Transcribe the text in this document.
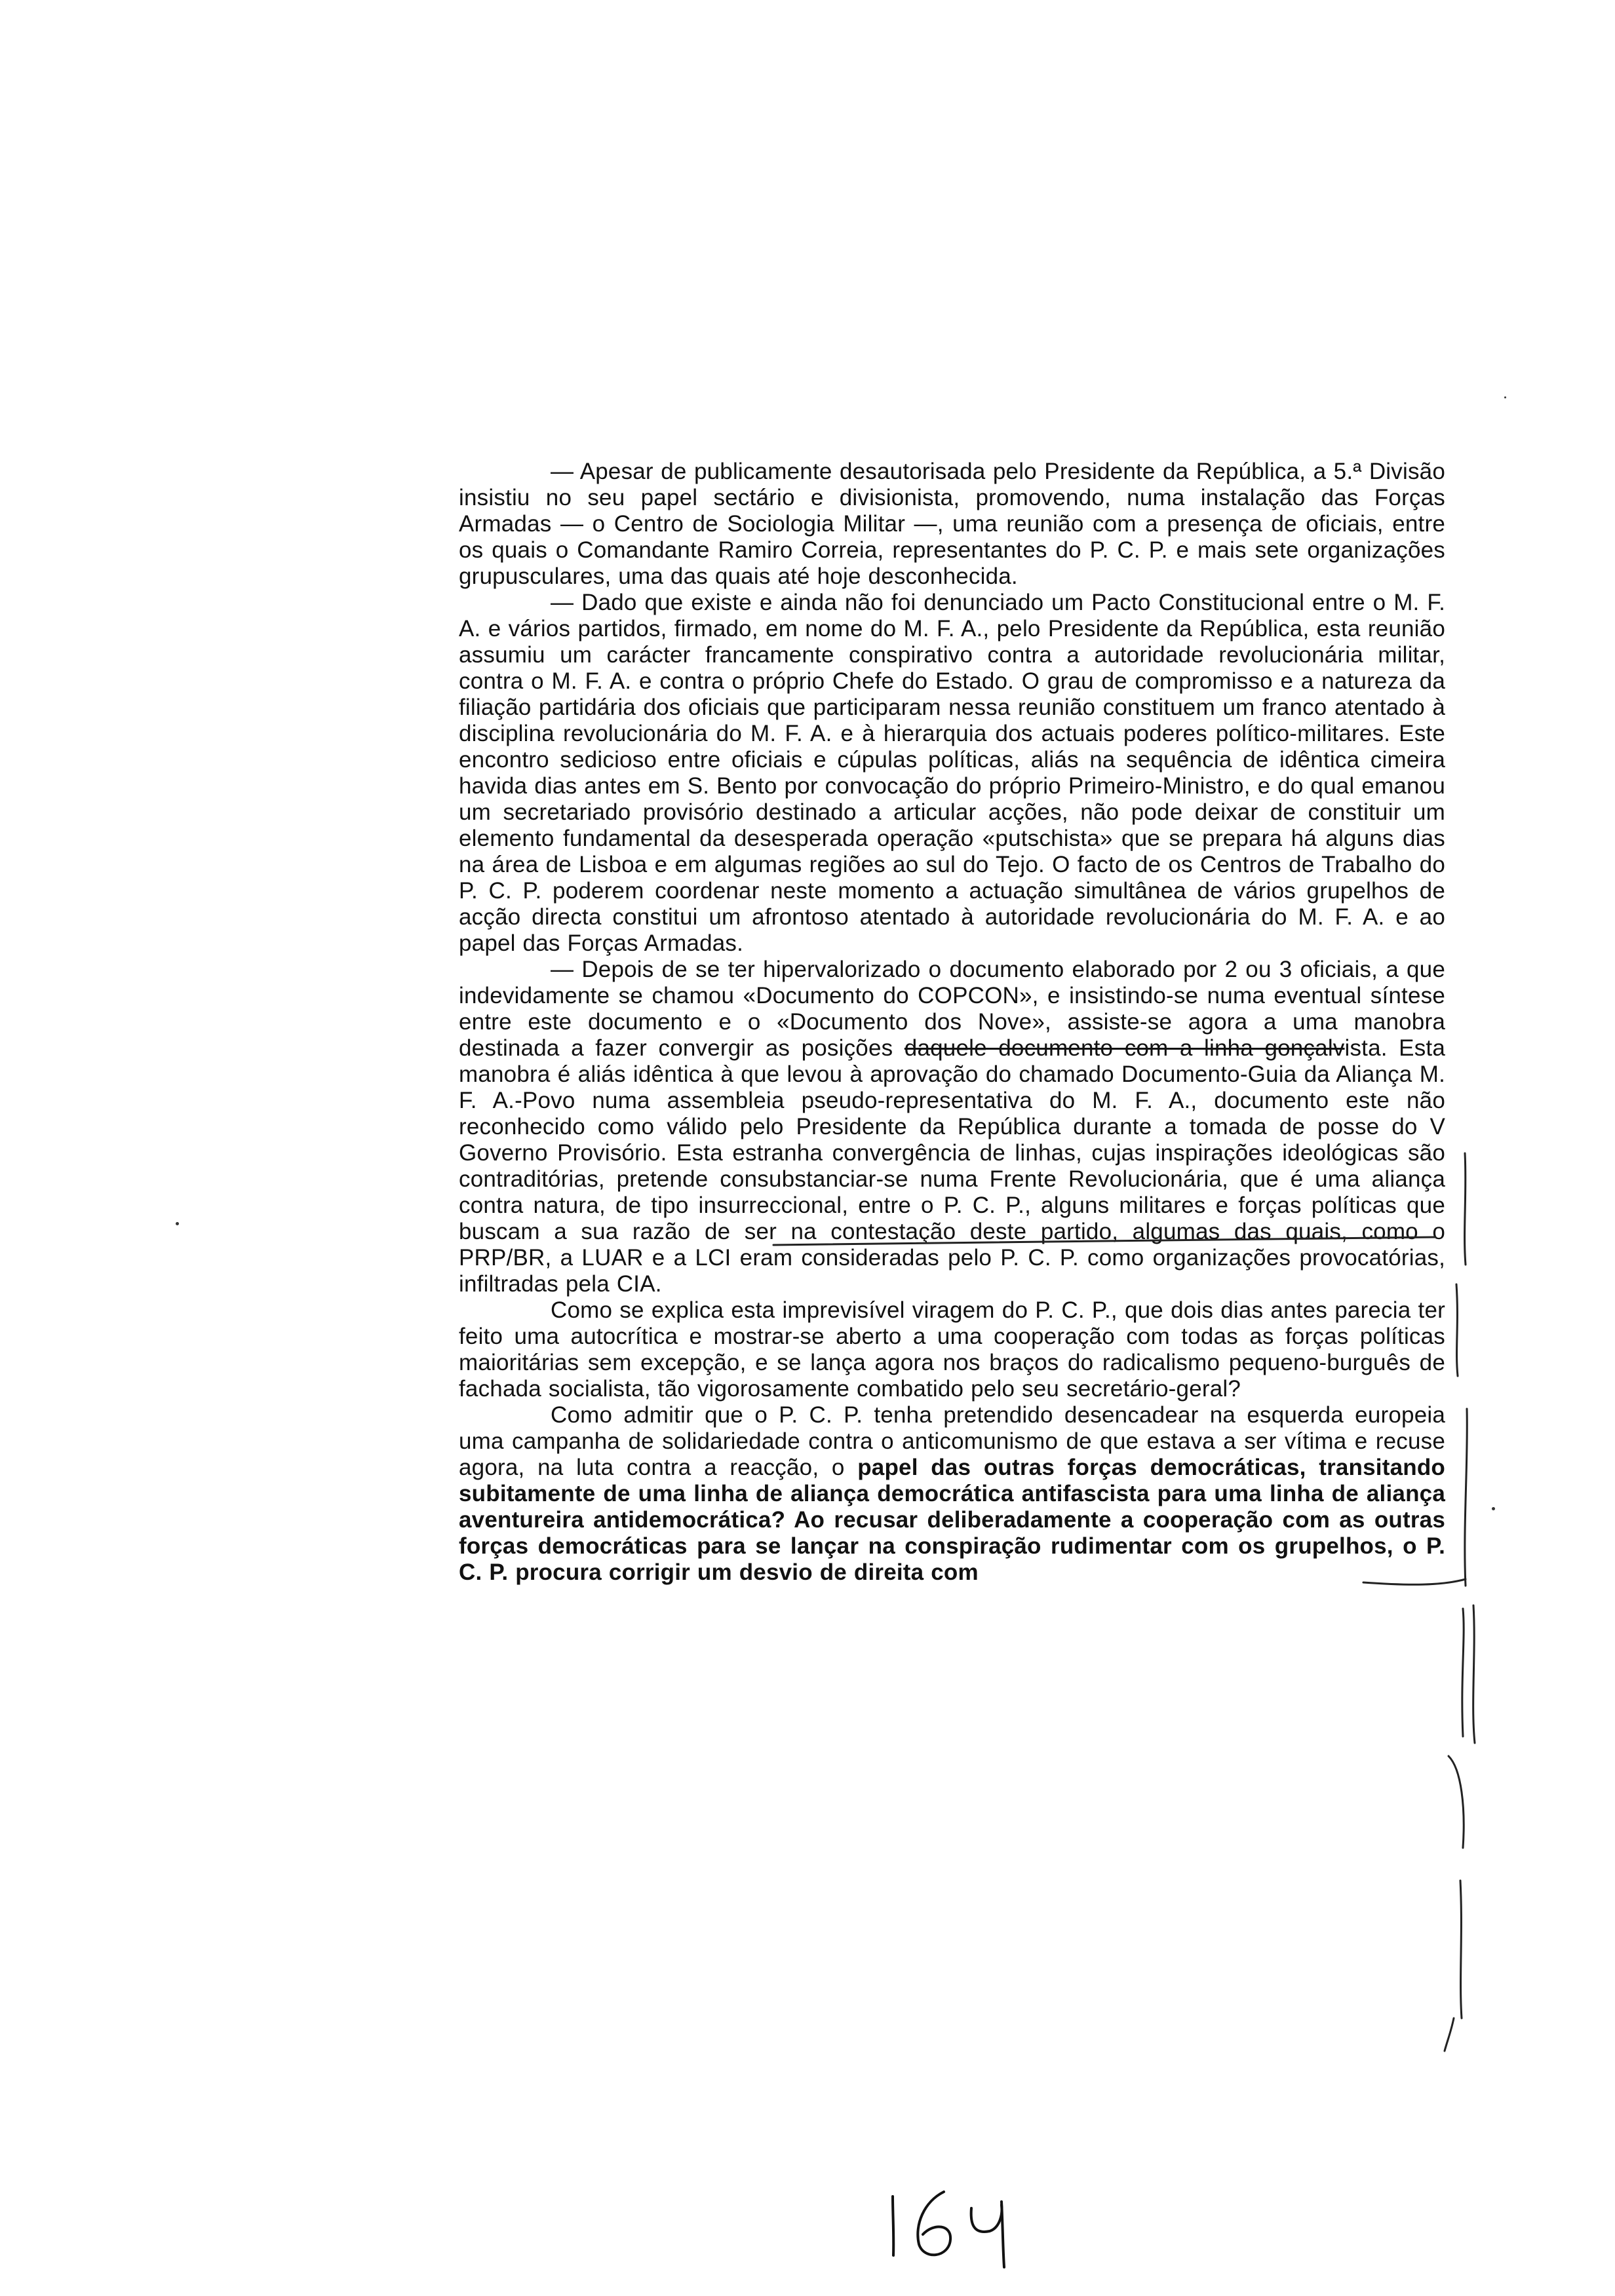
— Apesar de publicamente desautorisada pelo Presidente da República, a 5.ª Divisão insistiu no seu papel sectário e divisionista, promovendo, numa instalação das Forças Armadas — o Centro de Sociologia Militar —, uma reunião com a presença de oficiais, entre os quais o Comandante Ramiro Correia, representantes do P. C. P. e mais sete organizações grupusculares, uma das quais até hoje desconhecida.

— Dado que existe e ainda não foi denunciado um Pacto Constitucional entre o M. F. A. e vários partidos, firmado, em nome do M. F. A., pelo Presidente da República, esta reunião assumiu um carácter francamente conspirativo contra a autoridade revolucionária militar, contra o M. F. A. e contra o próprio Chefe do Estado. O grau de compromisso e a natureza da filiação partidária dos oficiais que participaram nessa reunião constituem um franco atentado à disciplina revolucionária do M. F. A. e à hierarquia dos actuais poderes político-militares. Este encontro sedicioso entre oficiais e cúpulas políticas, aliás na sequência de idêntica cimeira havida dias antes em S. Bento por convocação do próprio Primeiro-Ministro, e do qual emanou um secretariado provisório destinado a articular acções, não pode deixar de constituir um elemento fundamental da desesperada operação «putschista» que se prepara há alguns dias na área de Lisboa e em algumas regiões ao sul do Tejo. O facto de os Centros de Trabalho do P. C. P. poderem coordenar neste momento a actuação simultânea de vários grupelhos de acção directa constitui um afrontoso atentado à autoridade revolucionária do M. F. A. e ao papel das Forças Armadas.

— Depois de se ter hipervalorizado o documento elaborado por 2 ou 3 oficiais, a que indevidamente se chamou «Documento do COPCON», e insistindo-se numa eventual síntese entre este documento e o «Documento dos Nove», assiste-se agora a uma manobra destinada a fazer convergir as posições daquele documento com a linha gonçalvista. Esta manobra é aliás idêntica à que levou à aprovação do chamado Documento-Guia da Aliança M. F. A.-Povo numa assembleia pseudo-representativa do M. F. A., documento este não reconhecido como válido pelo Presidente da República durante a tomada de posse do V Governo Provisório. Esta estranha convergência de linhas, cujas inspirações ideológicas são contraditórias, pretende consubstanciar-se numa Frente Revolucionária, que é uma aliança contra natura, de tipo insurreccional, entre o P. C. P., alguns militares e forças políticas que buscam a sua razão de ser na contestação deste partido, algumas das quais, como o PRP/BR, a LUAR e a LCI eram consideradas pelo P. C. P. como organizações provocatórias, infiltradas pela CIA.

Como se explica esta imprevisível viragem do P. C. P., que dois dias antes parecia ter feito uma autocrítica e mostrar-se aberto a uma cooperação com todas as forças políticas maioritárias sem excepção, e se lança agora nos braços do radicalismo pequeno-burguês de fachada socialista, tão vigorosamente combatido pelo seu secretário-geral?

Como admitir que o P. C. P. tenha pretendido desencadear na esquerda europeia uma campanha de solidariedade contra o anticomunismo de que estava a ser vítima e recuse agora, na luta contra a reacção, o papel das outras forças democráticas, transitando subitamente de uma linha de aliança democrática antifascista para uma linha de aliança aventureira antidemocrática? Ao recusar deliberadamente a cooperação com as outras forças democráticas para se lançar na conspiração rudimentar com os grupelhos, o P. C. P. procura corrigir um desvio de direita com
